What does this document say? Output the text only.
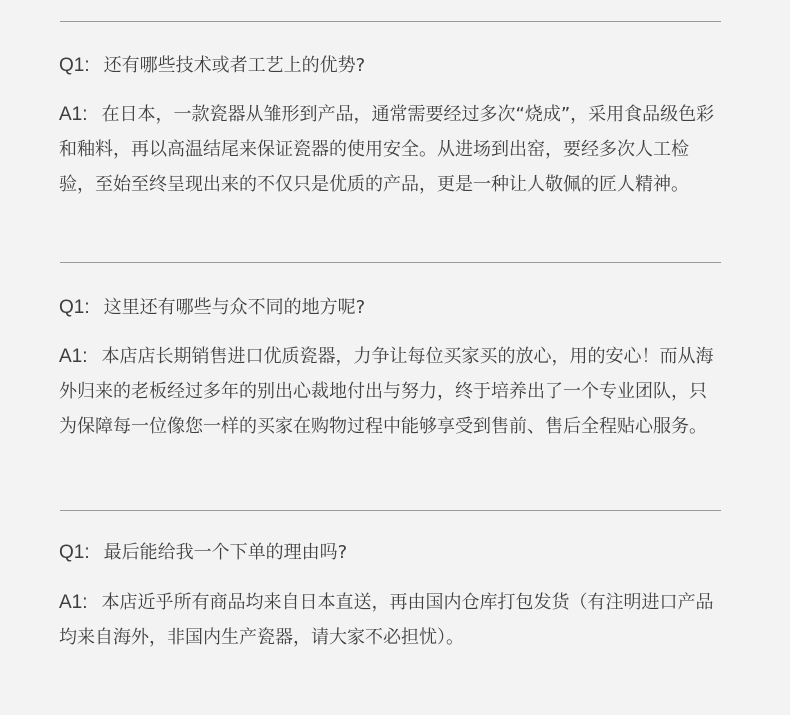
Q1: 还有哪些技术或者工艺上的优势?
A1: 在日本，一款瓷器从雏形到产品，通常需要经过多次“烧成”，采用食品级色彩和釉料，再以高温结尾来保证瓷器的使用安全。从进场到出窑，要经多次人工检验，至始至终呈现出来的不仅只是优质的产品，更是一种让人敬佩的匠人精神。
Q1: 这里还有哪些与众不同的地方呢?
A1: 本店店长期销售进口优质瓷器，力争让每位买家买的放心，用的安心！而从海外归来的老板经过多年的别出心裁地付出与努力，终于培养出了一个专业团队，只为保障每一位像您一样的买家在购物过程中能够享受到售前、售后全程贴心服务。
Q1: 最后能给我一个下单的理由吗?
A1: 本店近乎所有商品均来自日本直送，再由国内仓库打包发货（有注明进口产品均来自海外，非国内生产瓷器，请大家不必担忧）。
